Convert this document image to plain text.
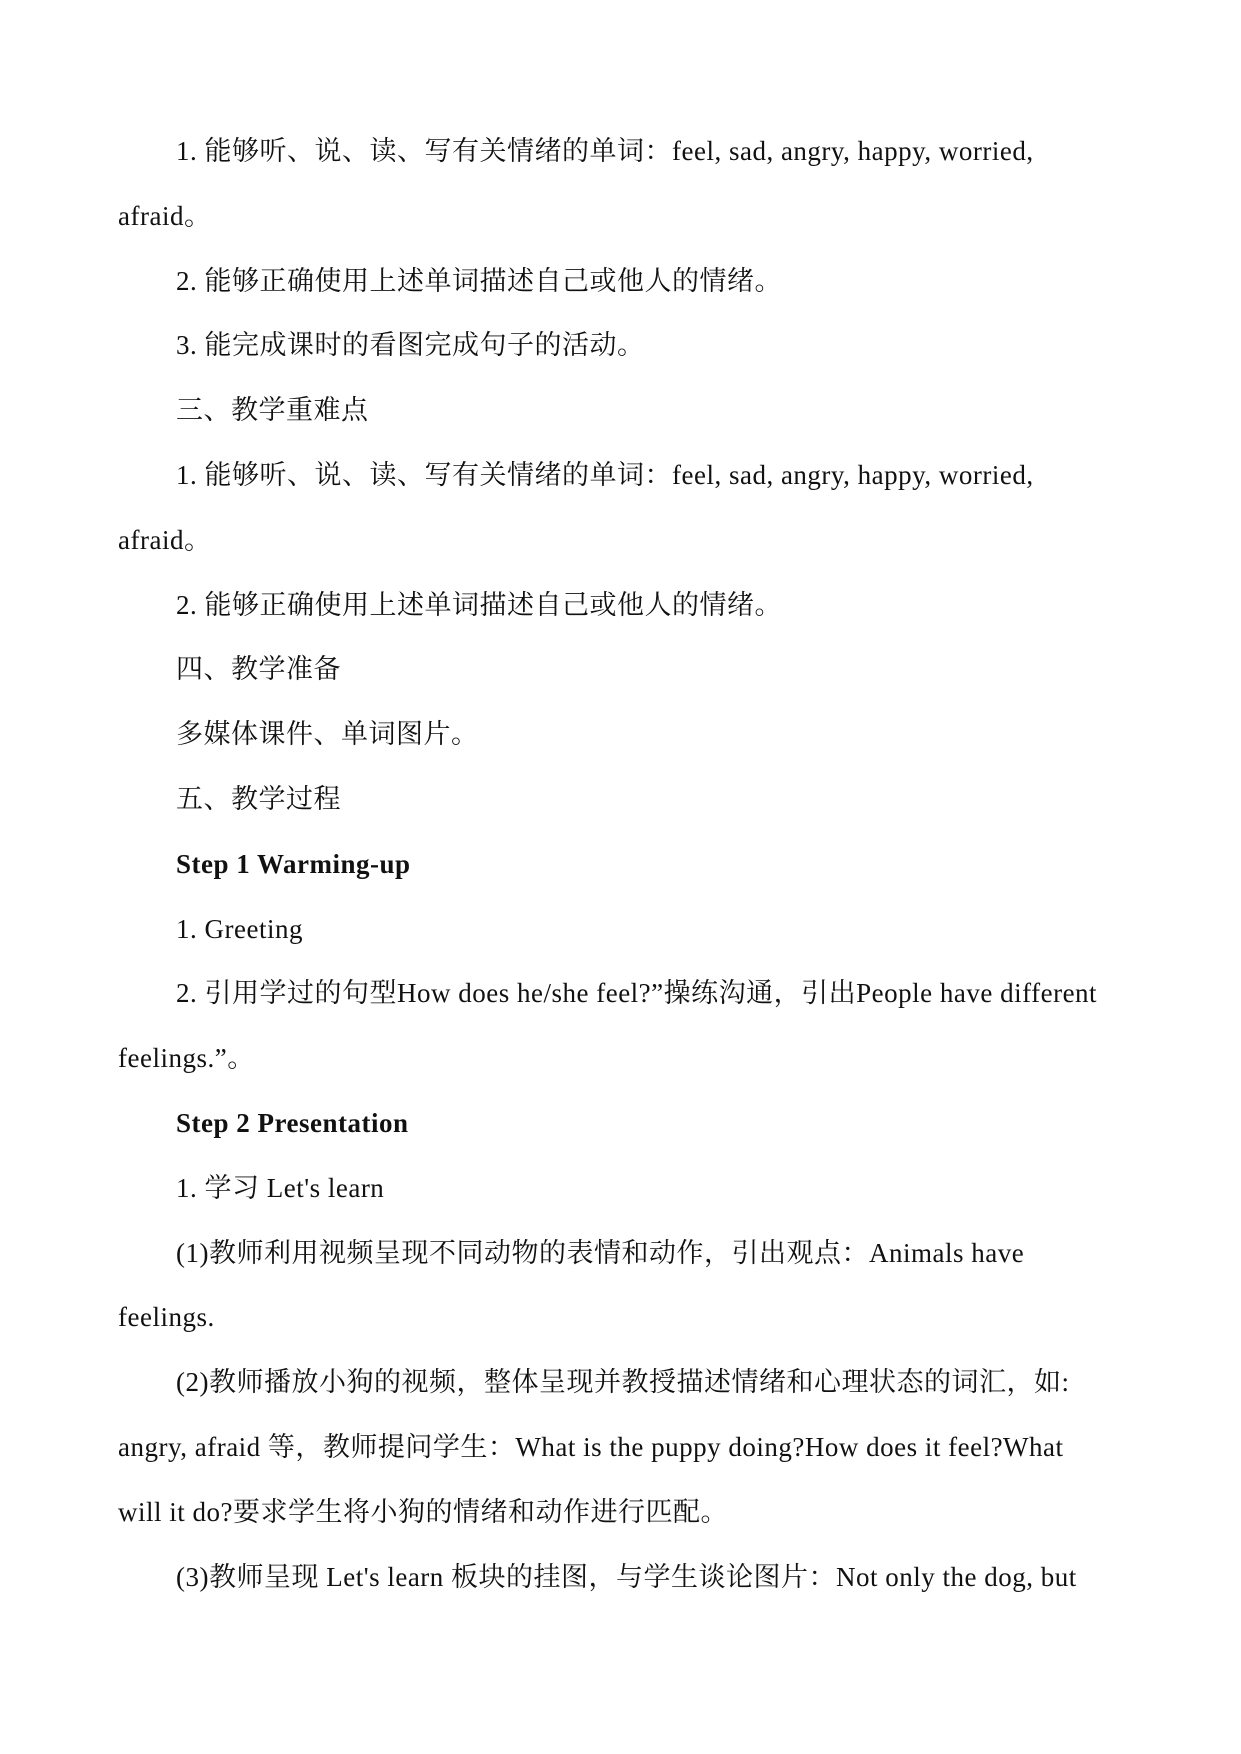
1. 能够听、说、读、写有关情绪的单词：feel, sad, angry, happy, worried,

afraid。

2. 能够正确使用上述单词描述自己或他人的情绪。

3. 能完成课时的看图完成句子的活动。

三、教学重难点

1. 能够听、说、读、写有关情绪的单词：feel, sad, angry, happy, worried,

afraid。

2. 能够正确使用上述单词描述自己或他人的情绪。

四、教学准备

多媒体课件、单词图片。

五、教学过程

Step 1 Warming-up

1. Greeting

2. 引用学过的句型How does he/she feel?”操练沟通，引出People have different

feelings.”。

Step 2 Presentation

1. 学习 Let's learn

(1)教师利用视频呈现不同动物的表情和动作，引出观点：Animals have

feelings.

(2)教师播放小狗的视频，整体呈现并教授描述情绪和心理状态的词汇，如:

angry, afraid 等，教师提问学生：What is the puppy doing?How does it feel?What

will it do?要求学生将小狗的情绪和动作进行匹配。

(3)教师呈现 Let's learn 板块的挂图，与学生谈论图片：Not only the dog, but
